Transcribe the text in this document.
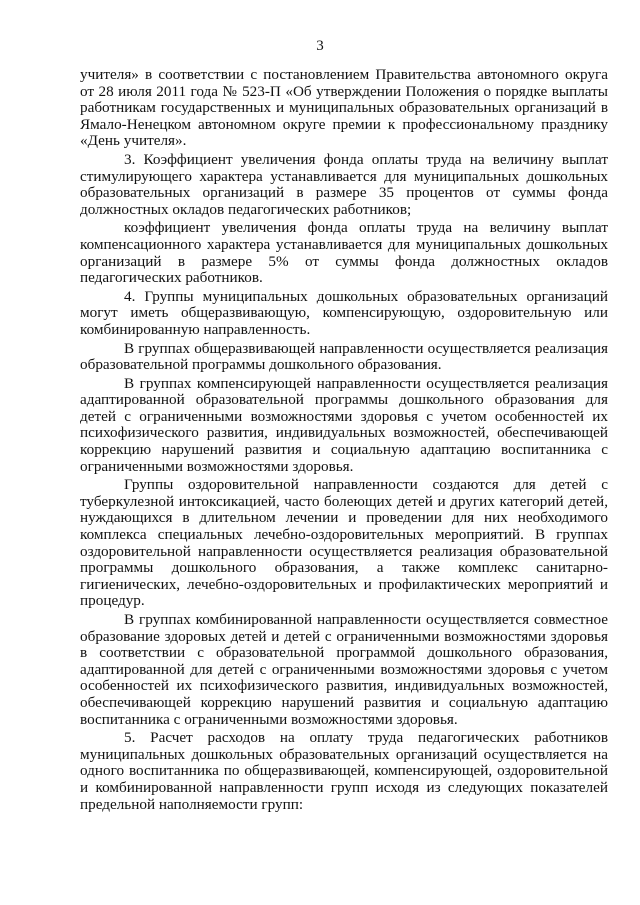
3

учителя» в соответствии с постановлением Правительства автономного округа от 28 июля 2011 года № 523-П «Об утверждении Положения о порядке выплаты работникам государственных и муниципальных образовательных организаций в Ямало-Ненецком автономном округе премии к профессиональному празднику «День учителя».

3. Коэффициент увеличения фонда оплаты труда на величину выплат стимулирующего характера устанавливается для муниципальных дошкольных образовательных организаций в размере 35 процентов от суммы фонда должностных окладов педагогических работников;

коэффициент увеличения фонда оплаты труда на величину выплат компенсационного характера устанавливается для муниципальных дошкольных организаций в размере 5% от суммы фонда должностных окладов педагогических работников.

4. Группы муниципальных дошкольных образовательных организаций могут иметь общеразвивающую, компенсирующую, оздоровительную или комбинированную направленность.

В группах общеразвивающей направленности осуществляется реализация образовательной программы дошкольного образования.

В группах компенсирующей направленности осуществляется реализация адаптированной образовательной программы дошкольного образования для детей с ограниченными возможностями здоровья с учетом особенностей их психофизического развития, индивидуальных возможностей, обеспечивающей коррекцию нарушений развития и социальную адаптацию воспитанника с ограниченными возможностями здоровья.

Группы оздоровительной направленности создаются для детей с туберкулезной интоксикацией, часто болеющих детей и других категорий детей, нуждающихся в длительном лечении и проведении для них необходимого комплекса специальных лечебно-оздоровительных мероприятий. В группах оздоровительной направленности осуществляется реализация образовательной программы дошкольного образования, а также комплекс санитарно-гигиенических, лечебно-оздоровительных и профилактических мероприятий и процедур.

В группах комбинированной направленности осуществляется совместное образование здоровых детей и детей с ограниченными возможностями здоровья в соответствии с образовательной программой дошкольного образования, адаптированной для детей с ограниченными возможностями здоровья с учетом особенностей их психофизического развития, индивидуальных возможностей, обеспечивающей коррекцию нарушений развития и социальную адаптацию воспитанника с ограниченными возможностями здоровья.

5. Расчет расходов на оплату труда педагогических работников муниципальных дошкольных образовательных организаций осуществляется на одного воспитанника по общеразвивающей, компенсирующей, оздоровительной и комбинированной направленности групп исходя из следующих показателей предельной наполняемости групп:
